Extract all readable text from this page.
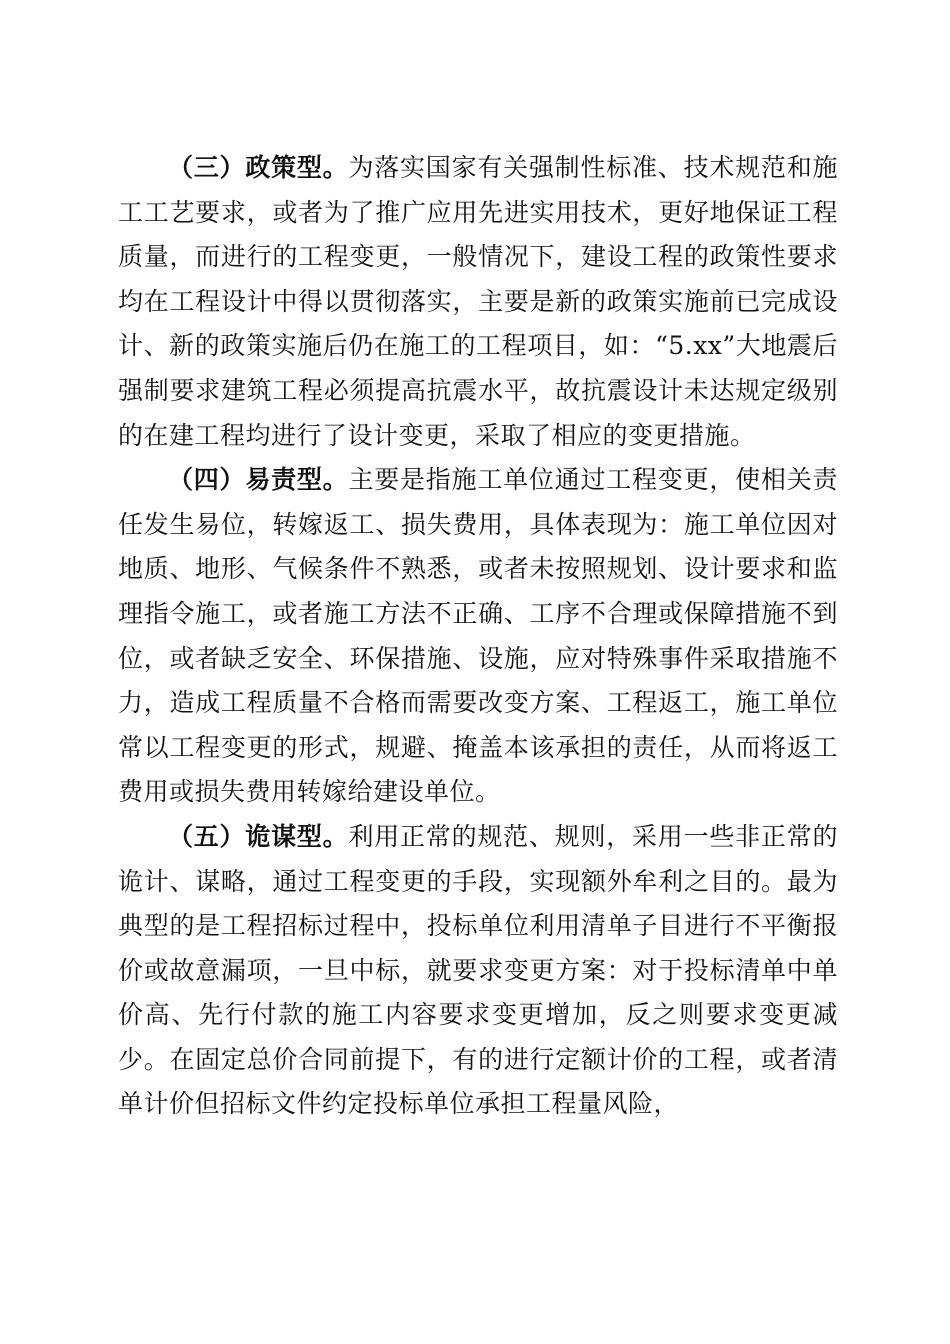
（三）政策型。为落实国家有关强制性标准、技术规范和施工工艺要求，或者为了推广应用先进实用技术，更好地保证工程质量，而进行的工程变更，一般情况下，建设工程的政策性要求均在工程设计中得以贯彻落实，主要是新的政策实施前已完成设计、新的政策实施后仍在施工的工程项目，如：“5.xx”大地震后强制要求建筑工程必须提高抗震水平，故抗震设计未达规定级别的在建工程均进行了设计变更，采取了相应的变更措施。

（四）易责型。主要是指施工单位通过工程变更，使相关责任发生易位，转嫁返工、损失费用，具体表现为：施工单位因对地质、地形、气候条件不熟悉，或者未按照规划、设计要求和监理指令施工，或者施工方法不正确、工序不合理或保障措施不到位，或者缺乏安全、环保措施、设施，应对特殊事件采取措施不力，造成工程质量不合格而需要改变方案、工程返工，施工单位常以工程变更的形式，规避、掩盖本该承担的责任，从而将返工费用或损失费用转嫁给建设单位。

（五）诡谋型。利用正常的规范、规则，采用一些非正常的诡计、谋略，通过工程变更的手段，实现额外牟利之目的。最为典型的是工程招标过程中，投标单位利用清单子目进行不平衡报价或故意漏项，一旦中标，就要求变更方案：对于投标清单中单价高、先行付款的施工内容要求变更增加，反之则要求变更减少。在固定总价合同前提下，有的进行定额计价的工程，或者清单计价但招标文件约定投标单位承担工程量风险，
